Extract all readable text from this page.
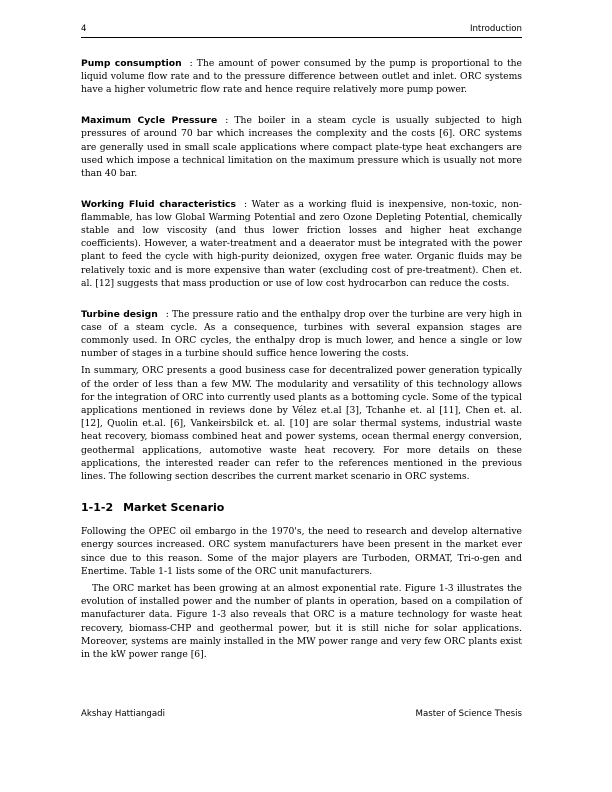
4	Introduction

Pump consumption : The amount of power consumed by the pump is proportional to the liquid volume flow rate and to the pressure difference between outlet and inlet. ORC systems have a higher volumetric flow rate and hence require relatively more pump power.

Maximum Cycle Pressure : The boiler in a steam cycle is usually subjected to high pressures of around 70 bar which increases the complexity and the costs [6]. ORC systems are generally used in small scale applications where compact plate-type heat exchangers are used which impose a technical limitation on the maximum pressure which is usually not more than 40 bar.

Working Fluid characteristics : Water as a working fluid is inexpensive, non-toxic, non-flammable, has low Global Warming Potential and zero Ozone Depleting Potential, chemically stable and low viscosity (and thus lower friction losses and higher heat exchange coefficients). However, a water-treatment and a deaerator must be integrated with the power plant to feed the cycle with high-purity deionized, oxygen free water. Organic fluids may be relatively toxic and is more expensive than water (excluding cost of pre-treatment). Chen et. al. [12] suggests that mass production or use of low cost hydrocarbon can reduce the costs.

Turbine design : The pressure ratio and the enthalpy drop over the turbine are very high in case of a steam cycle. As a consequence, turbines with several expansion stages are commonly used. In ORC cycles, the enthalpy drop is much lower, and hence a single or low number of stages in a turbine should suffice hence lowering the costs.

In summary, ORC presents a good business case for decentralized power generation typically of the order of less than a few MW. The modularity and versatility of this technology allows for the integration of ORC into currently used plants as a bottoming cycle. Some of the typical applications mentioned in reviews done by Vélez et.al [3], Tchanhe et. al [11], Chen et. al. [12], Quolin et.al. [6], Vankeirsbilck et. al. [10] are solar thermal systems, industrial waste heat recovery, biomass combined heat and power systems, ocean thermal energy conversion, geothermal applications, automotive waste heat recovery. For more details on these applications, the interested reader can refer to the references mentioned in the previous lines. The following section describes the current market scenario in ORC systems.

1-1-2 Market Scenario

Following the OPEC oil embargo in the 1970's, the need to research and develop alternative energy sources increased. ORC system manufacturers have been present in the market ever since due to this reason. Some of the major players are Turboden, ORMAT, Tri-o-gen and Enertime. Table 1-1 lists some of the ORC unit manufacturers.

The ORC market has been growing at an almost exponential rate. Figure 1-3 illustrates the evolution of installed power and the number of plants in operation, based on a compilation of manufacturer data. Figure 1-3 also reveals that ORC is a mature technology for waste heat recovery, biomass-CHP and geothermal power, but it is still niche for solar applications. Moreover, systems are mainly installed in the MW power range and very few ORC plants exist in the kW power range [6].

Akshay Hattiangadi	Master of Science Thesis
